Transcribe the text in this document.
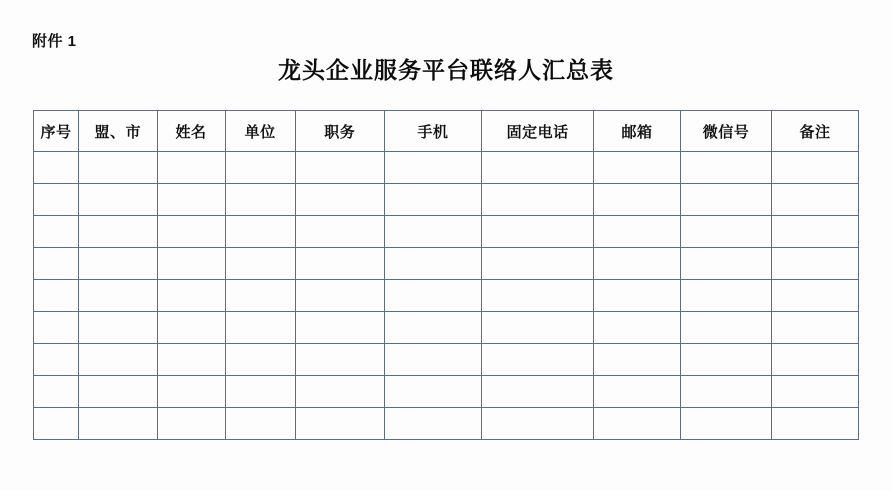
附件 1
龙头企业服务平台联络人汇总表
序号	盟、市	姓名	单位	职务	手机	固定电话	邮箱	微信号	备注
